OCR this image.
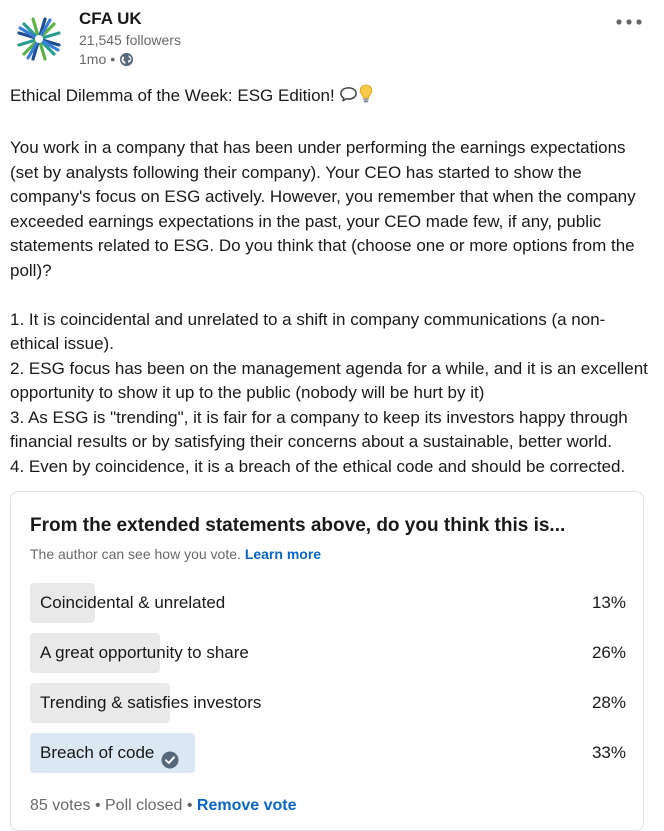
CFA UK
21,545 followers
1mo •

Ethical Dilemma of the Week: ESG Edition!

You work in a company that has been under performing the earnings expectations (set by analysts following their company). Your CEO has started to show the company's focus on ESG actively. However, you remember that when the company exceeded earnings expectations in the past, your CEO made few, if any, public statements related to ESG. Do you think that (choose one or more options from the poll)?

1. It is coincidental and unrelated to a shift in company communications (a non-ethical issue).

2. ESG focus has been on the management agenda for a while, and it is an excellent opportunity to show it up to the public (nobody will be hurt by it)

3. As ESG is "trending", it is fair for a company to keep its investors happy through financial results or by satisfying their concerns about a sustainable, better world.

4. Even by coincidence, it is a breach of the ethical code and should be corrected.

From the extended statements above, do you think this is...
The author can see how you vote. Learn more
Coincidental & unrelated	13%
A great opportunity to share	26%
Trending & satisfies investors	28%
Breach of code	33%
85 votes • Poll closed • Remove vote
